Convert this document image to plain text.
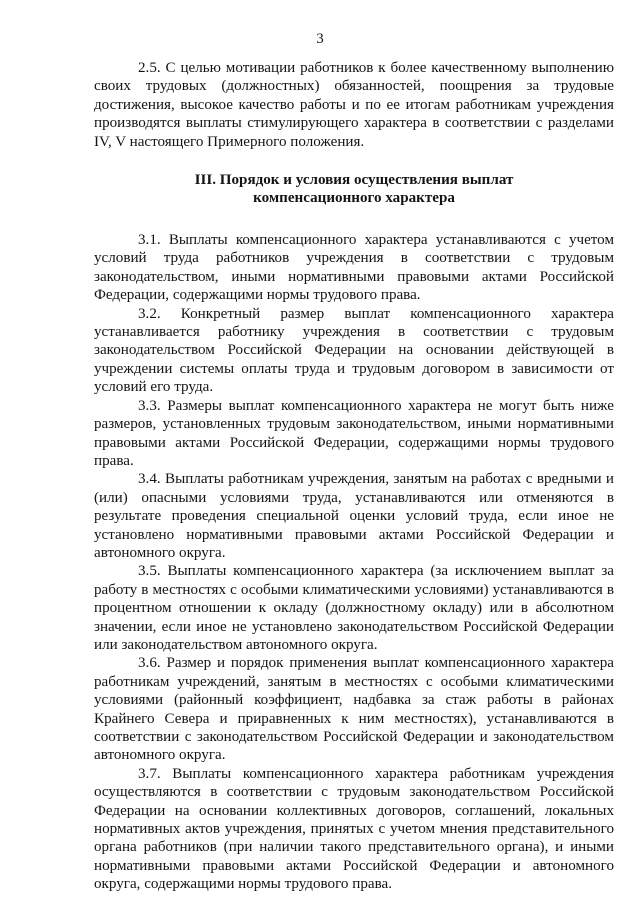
3

2.5. С целью мотивации работников к более качественному выполнению своих трудовых (должностных) обязанностей, поощрения за трудовые достижения, высокое качество работы и по ее итогам работникам учреждения производятся выплаты стимулирующего характера в соответствии с разделами IV, V настоящего Примерного положения.

III. Порядок и условия осуществления выплат
компенсационного характера

3.1. Выплаты компенсационного характера устанавливаются с учетом условий труда работников учреждения в соответствии с трудовым законодательством, иными нормативными правовыми актами Российской Федерации, содержащими нормы трудового права.

3.2. Конкретный размер выплат компенсационного характера устанавливается работнику учреждения в соответствии с трудовым законодательством Российской Федерации на основании действующей в учреждении системы оплаты труда и трудовым договором в зависимости от условий его труда.

3.3. Размеры выплат компенсационного характера не могут быть ниже размеров, установленных трудовым законодательством, иными нормативными правовыми актами Российской Федерации, содержащими нормы трудового права.

3.4. Выплаты работникам учреждения, занятым на работах с вредными и (или) опасными условиями труда, устанавливаются или отменяются в результате проведения специальной оценки условий труда, если иное не установлено нормативными правовыми актами Российской Федерации и автономного округа.

3.5. Выплаты компенсационного характера (за исключением выплат за работу в местностях с особыми климатическими условиями) устанавливаются в процентном отношении к окладу (должностному окладу) или в абсолютном значении, если иное не установлено законодательством Российской Федерации или законодательством автономного округа.

3.6. Размер и порядок применения выплат компенсационного характера работникам учреждений, занятым в местностях с особыми климатическими условиями (районный коэффициент, надбавка за стаж работы в районах Крайнего Севера и приравненных к ним местностях), устанавливаются в соответствии с законодательством Российской Федерации и законодательством автономного округа.

3.7. Выплаты компенсационного характера работникам учреждения осуществляются в соответствии с трудовым законодательством Российской Федерации на основании коллективных договоров, соглашений, локальных нормативных актов учреждения, принятых с учетом мнения представительного органа работников (при наличии такого представительного органа), и иными нормативными правовыми актами Российской Федерации и автономного округа, содержащими нормы трудового права.
